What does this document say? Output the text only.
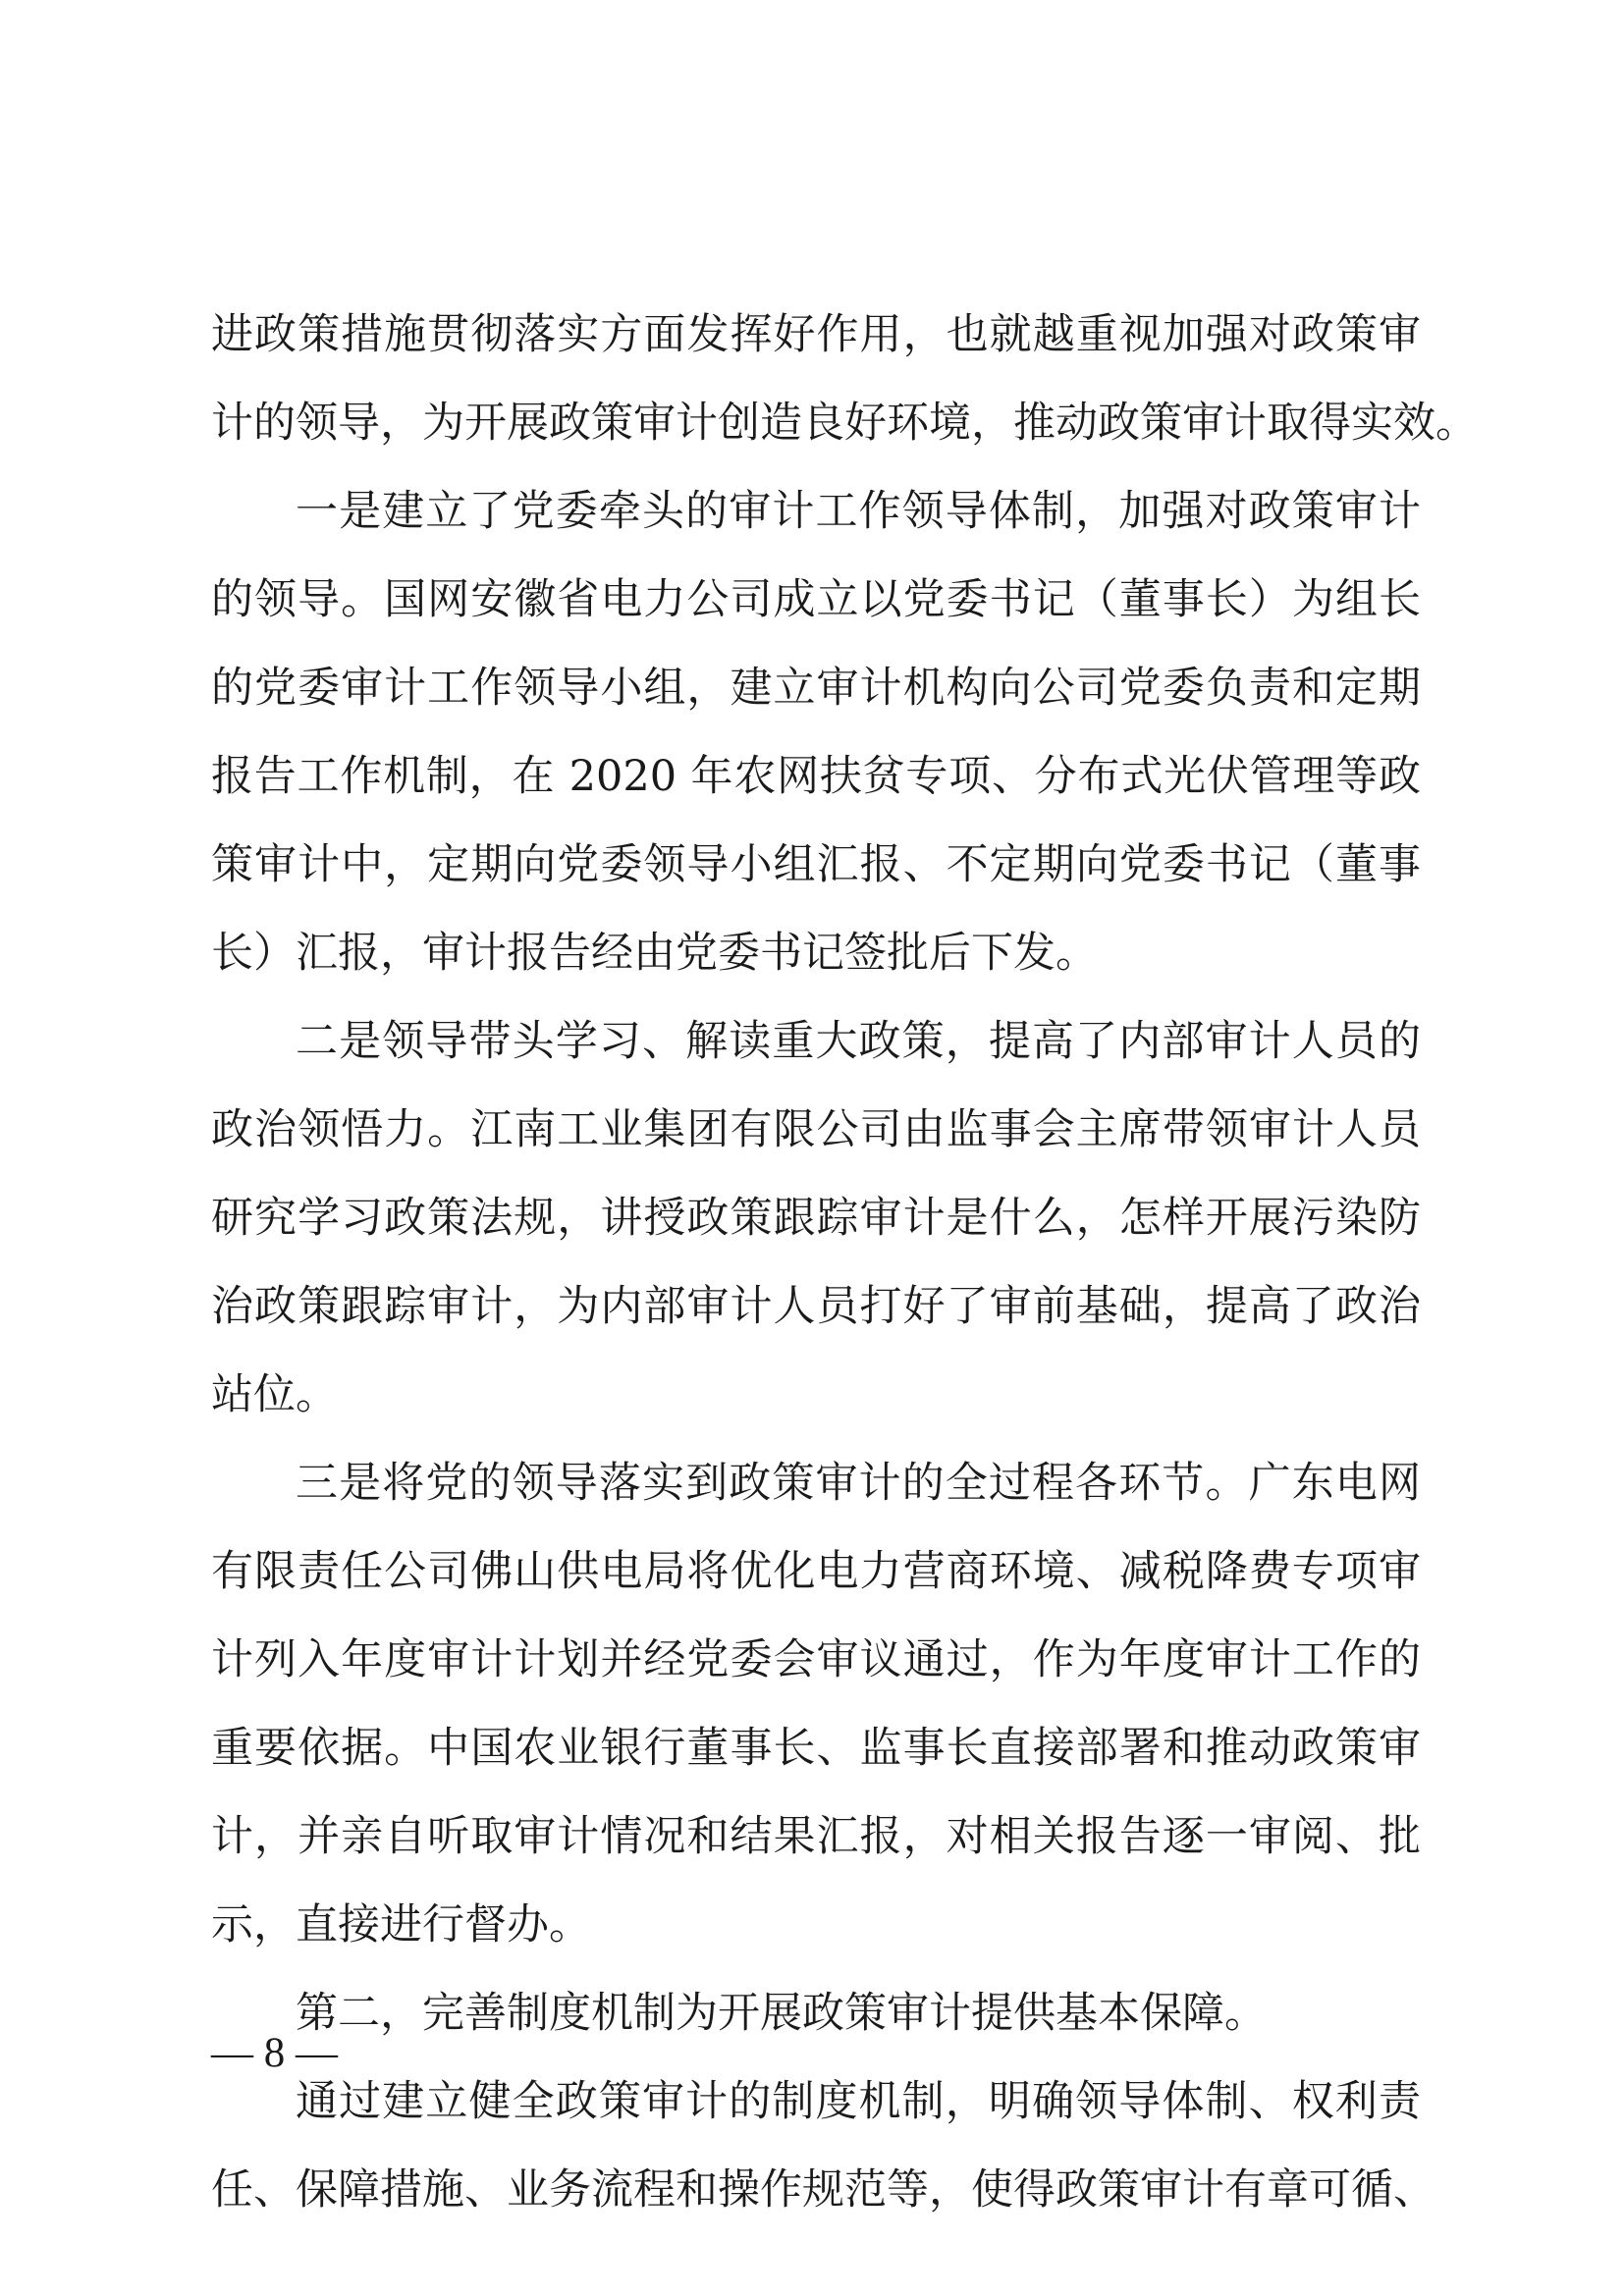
进政策措施贯彻落实方面发挥好作用，也就越重视加强对政策审
计的领导，为开展政策审计创造良好环境，推动政策审计取得实效。
一是建立了党委牵头的审计工作领导体制，加强对政策审计
的领导。国网安徽省电力公司成立以党委书记（董事长）为组长
的党委审计工作领导小组，建立审计机构向公司党委负责和定期
报告工作机制，在 2020 年农网扶贫专项、分布式光伏管理等政
策审计中，定期向党委领导小组汇报、不定期向党委书记（董事
长）汇报，审计报告经由党委书记签批后下发。
二是领导带头学习、解读重大政策，提高了内部审计人员的
政治领悟力。江南工业集团有限公司由监事会主席带领审计人员
研究学习政策法规，讲授政策跟踪审计是什么，怎样开展污染防
治政策跟踪审计，为内部审计人员打好了审前基础，提高了政治
站位。
三是将党的领导落实到政策审计的全过程各环节。广东电网
有限责任公司佛山供电局将优化电力营商环境、减税降费专项审
计列入年度审计计划并经党委会审议通过，作为年度审计工作的
重要依据。中国农业银行董事长、监事长直接部署和推动政策审
计，并亲自听取审计情况和结果汇报，对相关报告逐一审阅、批
示，直接进行督办。
第二，完善制度机制为开展政策审计提供基本保障。
通过建立健全政策审计的制度机制，明确领导体制、权利责
任、保障措施、业务流程和操作规范等，使得政策审计有章可循、
— 8 —
